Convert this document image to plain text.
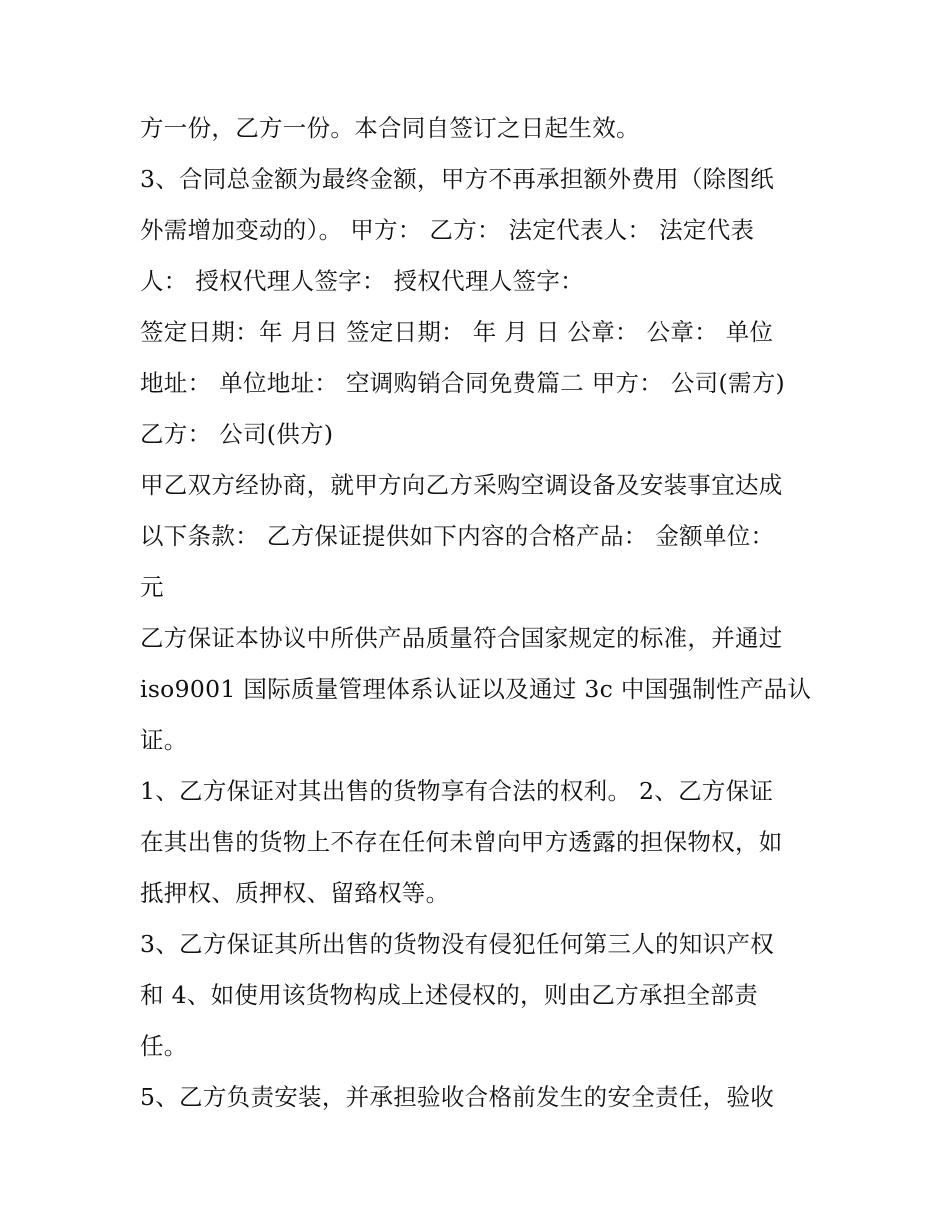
方一份，乙方一份。本合同自签订之日起生效。
3、合同总金额为最终金额，甲方不再承担额外费用（除图纸
外需增加变动的）。 甲方： 乙方： 法定代表人： 法定代表
人： 授权代理人签字： 授权代理人签字：
签定日期：年 月日 签定日期： 年 月 日 公章： 公章： 单位
地址： 单位地址： 空调购销合同免费篇二 甲方： 公司(需方)
乙方： 公司(供方)
甲乙双方经协商，就甲方向乙方采购空调设备及安装事宜达成
以下条款： 乙方保证提供如下内容的合格产品： 金额单位：
元
乙方保证本协议中所供产品质量符合国家规定的标准，并通过
iso9001 国际质量管理体系认证以及通过 3c 中国强制性产品认
证。
1、乙方保证对其出售的货物享有合法的权利。 2、乙方保证
在其出售的货物上不存在任何未曾向甲方透露的担保物权，如
抵押权、质押权、留臵权等。
3、乙方保证其所出售的货物没有侵犯任何第三人的知识产权
和 4、如使用该货物构成上述侵权的，则由乙方承担全部责
任。
5、乙方负责安装，并承担验收合格前发生的安全责任，验收
